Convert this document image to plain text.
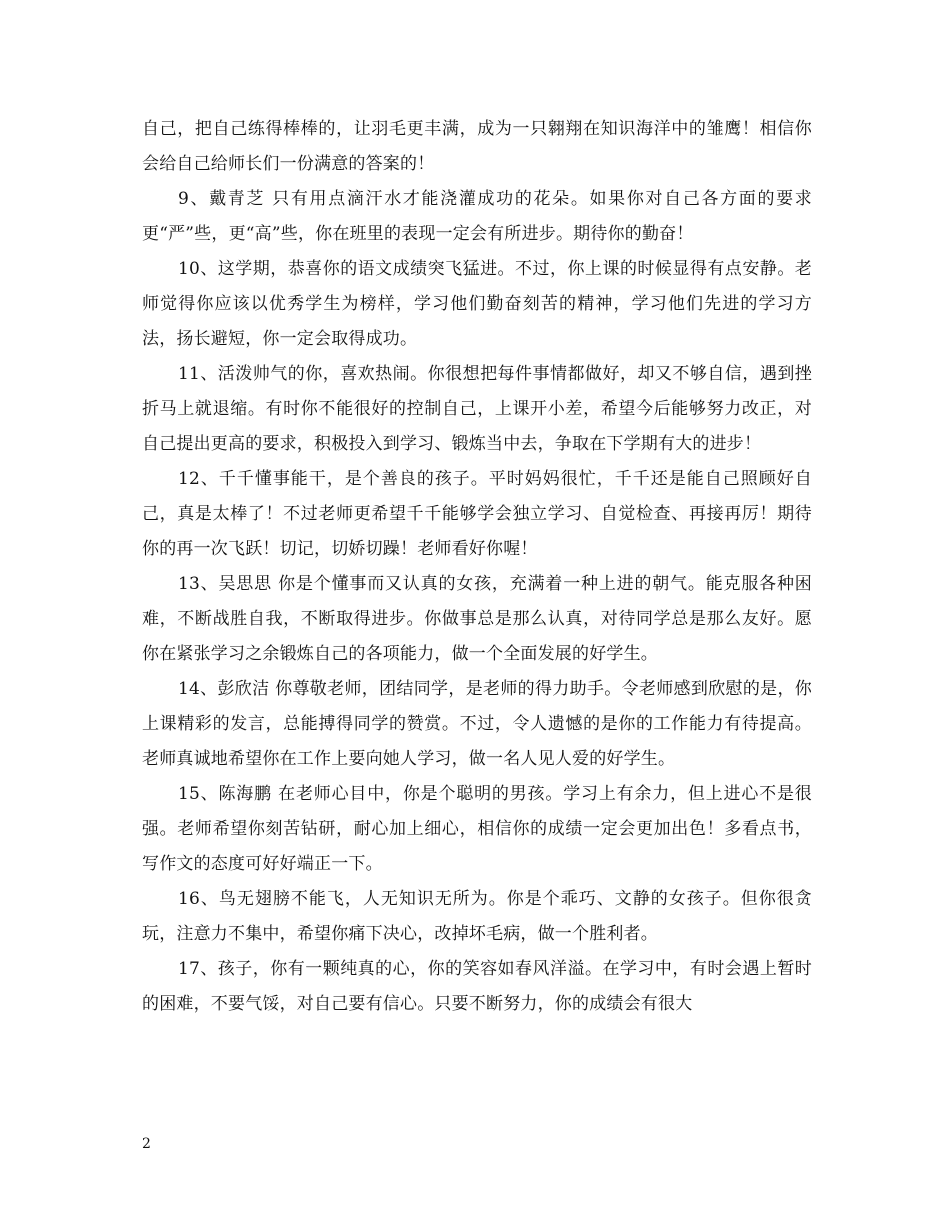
自己，把自己练得棒棒的，让羽毛更丰满，成为一只翱翔在知识海洋中的雏鹰！相信你会给自己给师长们一份满意的答案的！

9、戴青芝 只有用点滴汗水才能浇灌成功的花朵。如果你对自己各方面的要求更“严”些，更“高”些，你在班里的表现一定会有所进步。期待你的勤奋！

10、这学期，恭喜你的语文成绩突飞猛进。不过，你上课的时候显得有点安静。老师觉得你应该以优秀学生为榜样，学习他们勤奋刻苦的精神，学习他们先进的学习方法，扬长避短，你一定会取得成功。

11、活泼帅气的你，喜欢热闹。你很想把每件事情都做好，却又不够自信，遇到挫折马上就退缩。有时你不能很好的控制自己，上课开小差，希望今后能够努力改正，对自己提出更高的要求，积极投入到学习、锻炼当中去，争取在下学期有大的进步！

12、千千懂事能干，是个善良的孩子。平时妈妈很忙，千千还是能自己照顾好自己，真是太棒了！不过老师更希望千千能够学会独立学习、自觉检查、再接再厉！期待你的再一次飞跃！切记，切娇切躁！老师看好你喔！

13、吴思思 你是个懂事而又认真的女孩，充满着一种上进的朝气。能克服各种困难，不断战胜自我，不断取得进步。你做事总是那么认真，对待同学总是那么友好。愿你在紧张学习之余锻炼自己的各项能力，做一个全面发展的好学生。

14、彭欣洁 你尊敬老师，团结同学，是老师的得力助手。令老师感到欣慰的是，你上课精彩的发言，总能搏得同学的赞赏。不过，令人遗憾的是你的工作能力有待提高。老师真诚地希望你在工作上要向她人学习，做一名人见人爱的好学生。

15、陈海鹏 在老师心目中，你是个聪明的男孩。学习上有余力，但上进心不是很强。老师希望你刻苦钻研，耐心加上细心，相信你的成绩一定会更加出色！多看点书，写作文的态度可好好端正一下。

16、鸟无翅膀不能飞，人无知识无所为。你是个乖巧、文静的女孩子。但你很贪玩，注意力不集中，希望你痛下决心，改掉坏毛病，做一个胜利者。

17、孩子，你有一颗纯真的心，你的笑容如春风洋溢。在学习中，有时会遇上暂时的困难，不要气馁，对自己要有信心。只要不断努力，你的成绩会有很大

2
